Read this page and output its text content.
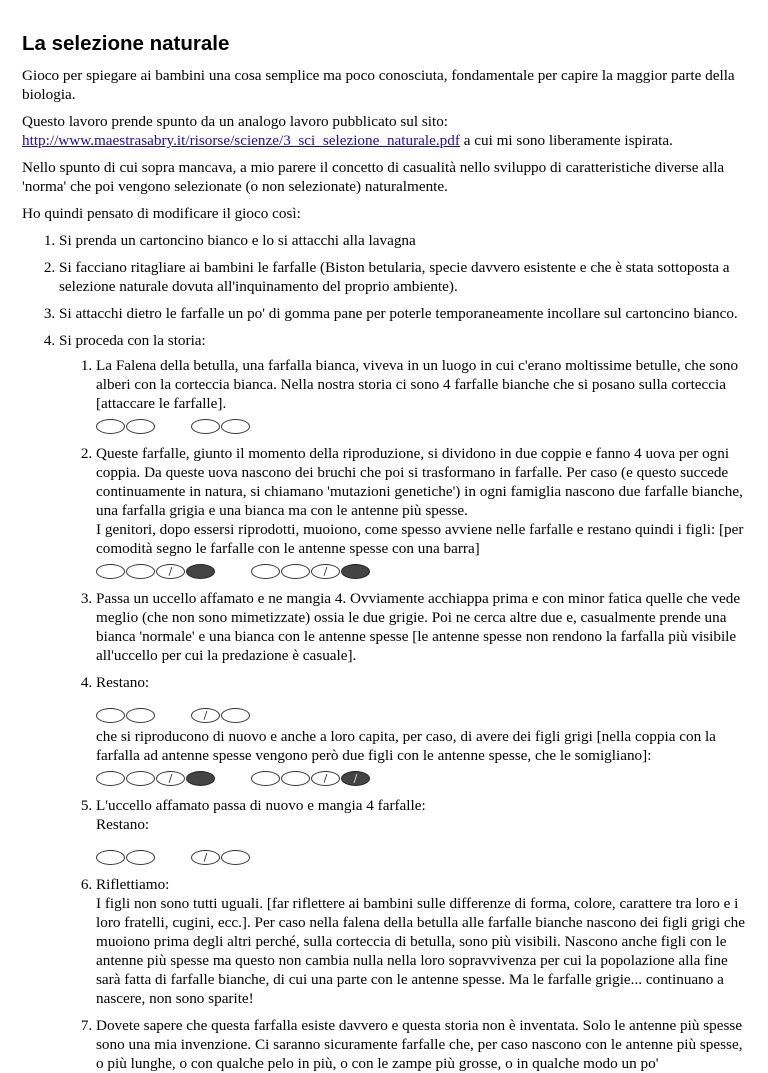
La selezione naturale

Gioco per spiegare ai bambini una cosa semplice ma poco conosciuta, fondamentale per capire la maggior parte della biologia.

Questo lavoro prende spunto da un analogo lavoro pubblicato sul sito: http://www.maestrasabry.it/risorse/scienze/3_sci_selezione_naturale.pdf a cui mi sono liberamente ispirata.

Nello spunto di cui sopra mancava, a mio parere il concetto di casualità nello sviluppo di caratteristiche diverse alla 'norma' che poi vengono selezionate (o non selezionate) naturalmente.

Ho quindi pensato di modificare il gioco così:

1. Si prenda un cartoncino bianco e lo si attacchi alla lavagna
2. Si facciano ritagliare ai bambini le farfalle (Biston betularia, specie davvero esistente e che è stata sottoposta a selezione naturale dovuta all'inquinamento del proprio ambiente).
3. Si attacchi dietro le farfalle un po' di gomma pane per poterle temporaneamente incollare sul cartoncino bianco.
4. Si proceda con la storia:
1. La Falena della betulla, una farfalla bianca, viveva in un luogo in cui c'erano moltissime betulle, che sono alberi con la corteccia bianca. Nella nostra storia ci sono 4 farfalle bianche che si posano sulla corteccia [attaccare le farfalle].
2. Queste farfalle, giunto il momento della riproduzione, si dividono in due coppie e fanno 4 uova per ogni coppia. Da queste uova nascono dei bruchi che poi si trasformano in farfalle. Per caso (e questo succede continuamente in natura, si chiamano 'mutazioni genetiche') in ogni famiglia nascono due farfalle bianche, una farfalla grigia e una bianca ma con le antenne più spesse.
I genitori, dopo essersi riprodotti, muoiono, come spesso avviene nelle farfalle e restano quindi i figli: [per comodità segno le farfalle con le antenne spesse con una barra]
/	/
3. Passa un uccello affamato e ne mangia 4. Ovviamente acchiappa prima e con minor fatica quelle che vede meglio (che non sono mimetizzate) ossia le due grigie. Poi ne cerca altre due e, casualmente prende una bianca 'normale' e una bianca con le antenne spesse [le antenne spesse non rendono la farfalla più visibile all'uccello per cui la predazione è casuale].
4. Restano:
/
che si riproducono di nuovo e anche a loro capita, per caso, di avere dei figli grigi [nella coppia con la farfalla ad antenne spesse vengono però due figli con le antenne spesse, che le somigliano]:
/	/ /
5. L'uccello affamato passa di nuovo e mangia 4 farfalle:
Restano:
/
6. Riflettiamo:
I figli non sono tutti uguali. [far riflettere ai bambini sulle differenze di forma, colore, carattere tra loro e i loro fratelli, cugini, ecc.]. Per caso nella falena della betulla alle farfalle bianche nascono dei figli grigi che muoiono prima degli altri perché, sulla corteccia di betulla, sono più visibili. Nascono anche figli con le antenne più spesse ma questo non cambia nulla nella loro sopravvivenza per cui la popolazione alla fine sarà fatta di farfalle bianche, di cui una parte con le antenne spesse. Ma le farfalle grigie... continuano a nascere, non sono sparite!
7. Dovete sapere che questa farfalla esiste davvero e questa storia non è inventata. Solo le antenne più spesse sono una mia invenzione. Ci saranno sicuramente farfalle che, per caso nascono con le antenne più spesse, o più lunghe, o con qualche pelo in più, o con le zampe più grosse, o in qualche modo un po'
